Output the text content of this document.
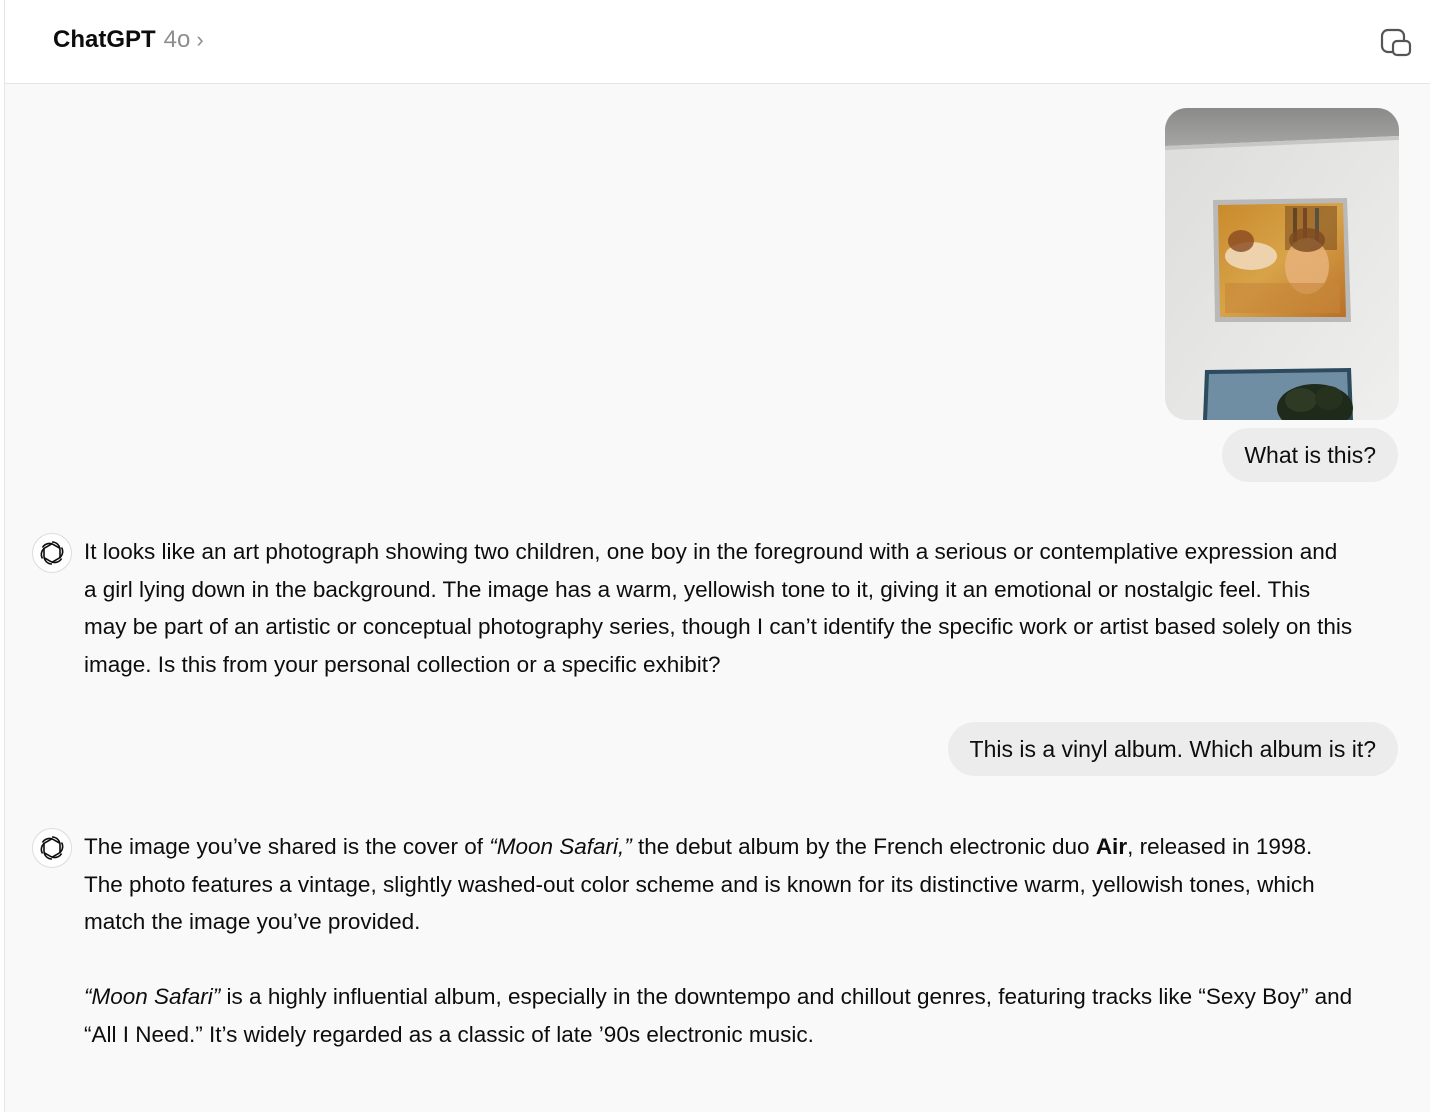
ChatGPT 4o ›
What is this?

It looks like an art photograph showing two children, one boy in the foreground with a serious or contemplative expression and a girl lying down in the background. The image has a warm, yellowish tone to it, giving it an emotional or nostalgic feel. This may be part of an artistic or conceptual photography series, though I can’t identify the specific work or artist based solely on this image. Is this from your personal collection or a specific exhibit?

This is a vinyl album. Which album is it?

The image you’ve shared is the cover of “Moon Safari,” the debut album by the French electronic duo Air, released in 1998. The photo features a vintage, slightly washed-out color scheme and is known for its distinctive warm, yellowish tones, which match the image you’ve provided.

“Moon Safari” is a highly influential album, especially in the downtempo and chillout genres, featuring tracks like “Sexy Boy” and “All I Need.” It’s widely regarded as a classic of late ’90s electronic music.
